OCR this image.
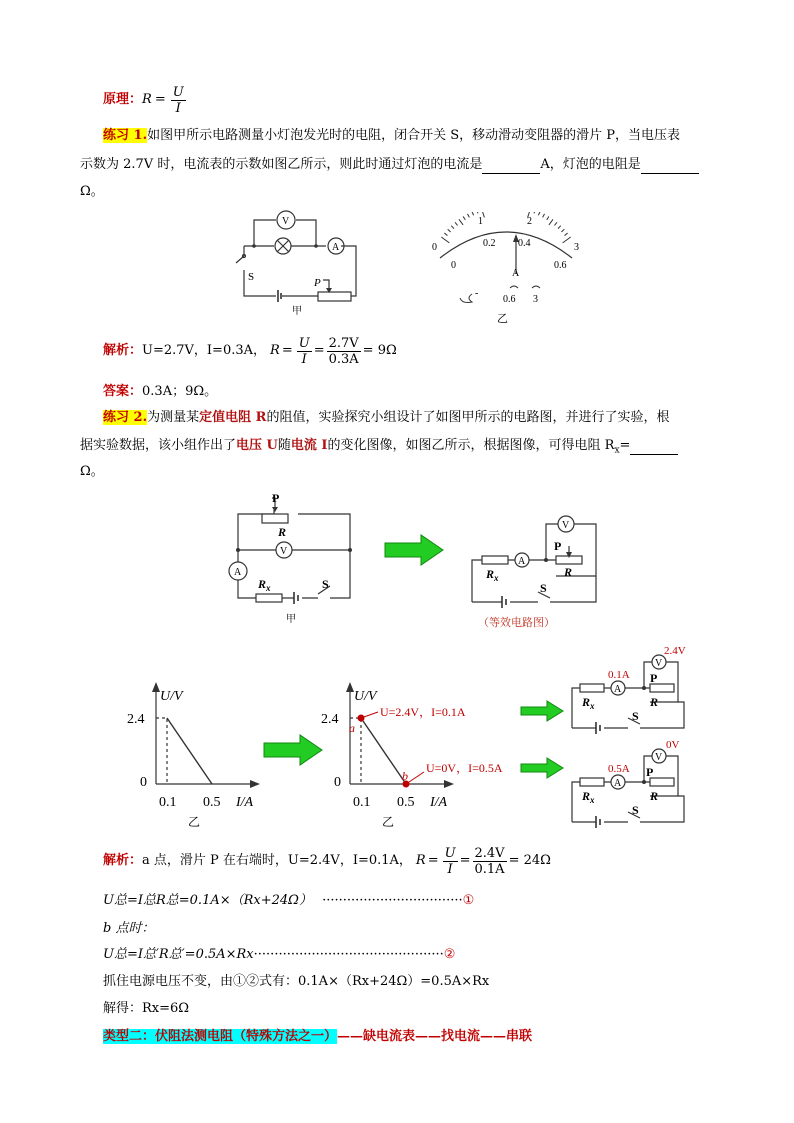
原理： $R = \frac{U}{I}$
练习 1.如图甲所示电路测量小灯泡发光时的电阻，闭合开关 S，移动滑动变阻器的滑片 P，当电压表
示数为 2.7V 时，电流表的示数如图乙所示，则此时通过灯泡的电流是	A，灯泡的电阻是
Ω。
V
A
S	P
甲
0
1	2
3
0
0.2 0.4
0.6
A
-
0.6 3
乙
解析： U=2.7V，I=0.3A， $R = \frac{U}{I} = \frac{2.7V}{0.3A} = 9\Omega$
答案：0.3A；9Ω。
练习 2.为测量某定值电阻 R的阻值，实验探究小组设计了如图甲所示的电路图，并进行了实验，根
据实验数据，该小组作出了电压 U随电流 I的变化图像，如图乙所示，根据图像，可得电阻 $R_x=$
Ω。
P
R
V
A
$R_x$	S
甲
V
A
P
R
$R_x$
S
（等效电路图）
U/V
2.4
0
0.1 0.5 I/A
乙
U/V
2.4
0
0.1 0.5 I/A
乙
a
b
U=2.4V，I=0.1A
U=0V，I=0.5A
V
A
P
R
$R_x$
S
2.4V
0.1A
V
A
P
R
$R_x$
S
0V
0.5A
解析： a 点，滑片 P 在右端时，U=2.4V，I=0.1A， $R = \frac{U}{I} = \frac{2.4V}{0.1A} = 24\Omega$
U总=I总R总=0.1A×（Rx+24Ω） ··································①
b 点时：
U总=I总′R总′=0.5A×Rx··············································②
抓住电源电压不变，由①②式有：0.1A×（Rx+24Ω）=0.5A×Rx
解得：Rx=6Ω
类型二：伏阻法测电阻（特殊方法之一）——缺电流表——找电流——串联
